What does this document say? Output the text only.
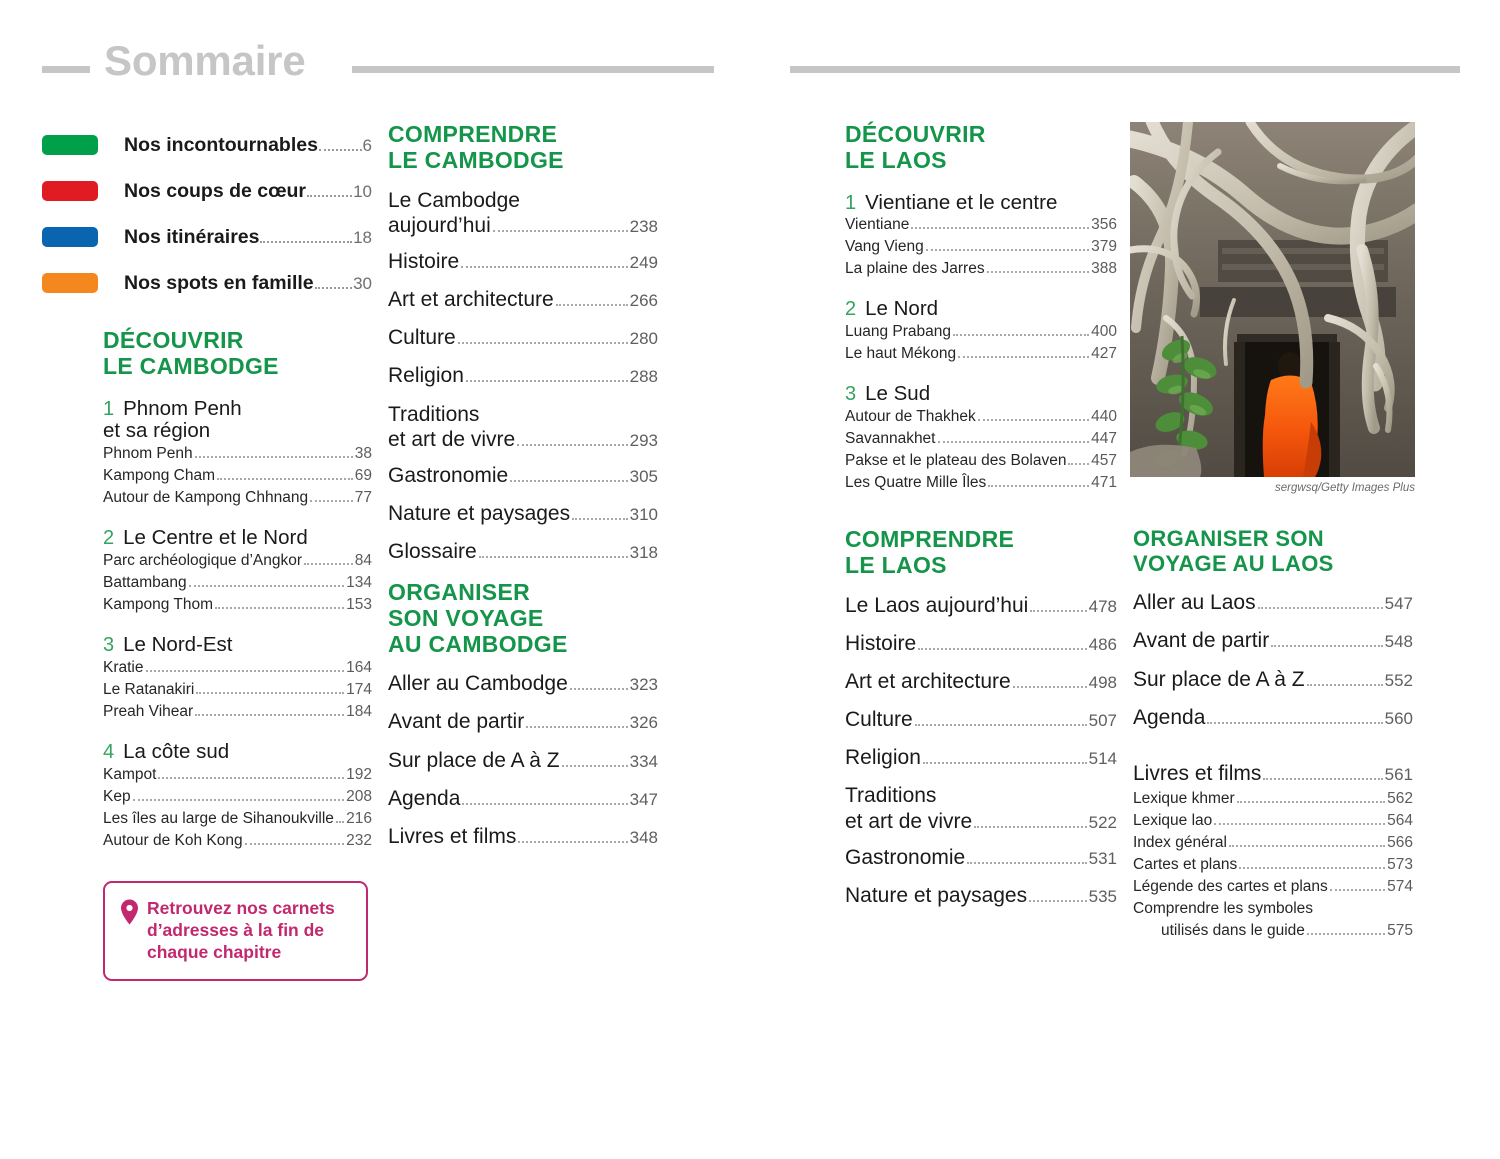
Sommaire
Nos incontournables	6
Nos coups de cœur	10
Nos itinéraires	18
Nos spots en famille 30
DÉCOUVRIR
LE CAMBODGE
1 Phnom Penh
et sa région
Phnom Penh	38
Kampong Cham	69
Autour de Kampong Chhnang	77
2 Le Centre et le Nord
Parc archéologique d’Angkor	84
Battambang	134
Kampong Thom	153
3 Le Nord-Est
Kratie	164
Le Ratanakiri	174
Preah Vihear	184
4 La côte sud
Kampot	192
Kep	208
Les îles au large de Sihanoukville 216
Autour de Koh Kong	232
Retrouvez nos carnets
d’adresses à la fin de
chaque chapitre
COMPRENDRE
LE CAMBODGE
Le Cambodge
aujourd’hui	238
Histoire	249
Art et architecture	266
Culture	280
Religion	288
Traditions
et art de vivre	293
Gastronomie	305
Nature et paysages	310
Glossaire	318
ORGANISER
SON VOYAGE
AU CAMBODGE
Aller au Cambodge	323
Avant de partir	326
Sur place de A à Z	334
Agenda	347
Livres et films	348
DÉCOUVRIR
LE LAOS
1 Vientiane et le centre
Vientiane	356
Vang Vieng	379
La plaine des Jarres	388
2 Le Nord
Luang Prabang	400
Le haut Mékong	427
3 Le Sud
Autour de Thakhek	440
Savannakhet	447
Pakse et le plateau des Bolaven 457
Les Quatre Mille Îles	471	sergwsq/Getty Images Plus
COMPRENDRE
LE LAOS
Le Laos aujourd’hui	478
Histoire	486
Art et architecture	498
Culture	507
Religion	514
Traditions
et art de vivre	522
Gastronomie	531
Nature et paysages	535
ORGANISER SON
VOYAGE AU LAOS
Aller au Laos	547
Avant de partir	548
Sur place de A à Z	552
Agenda	560
Livres et films	561
Lexique khmer	562
Lexique lao	564
Index général	566
Cartes et plans	573
Légende des cartes et plans	574
Comprendre les symboles
utilisés dans le guide	575
